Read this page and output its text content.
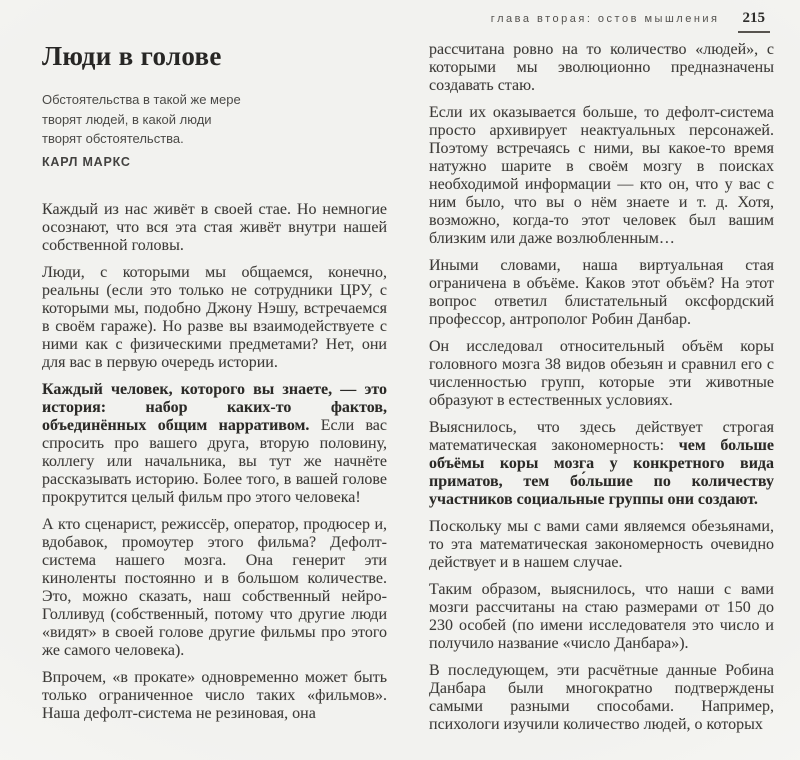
глава вторая: остов мышления	215
Люди в голове
Обстоятельства в такой же мере
творят людей, в какой люди
творят обстоятельства.
КАРЛ МАРКС

Каждый из нас живёт в своей стае. Но немногие осознают, что вся эта стая живёт внутри нашей собственной головы.

Люди, с которыми мы общаемся, конечно, реальны (если это только не сотрудники ЦРУ, с которыми мы, подобно Джону Нэшу, встречаемся в своём гараже). Но разве вы взаимодействуете с ними как с физическими предметами? Нет, они для вас в первую очередь истории.

Каждый человек, которого вы знаете, — это история: набор каких-то фактов, объединённых общим нарративом. Если вас спросить про вашего друга, вторую половину, коллегу или начальника, вы тут же начнёте рассказывать историю. Более того, в вашей голове прокрутится целый фильм про этого человека!

А кто сценарист, режиссёр, оператор, продюсер и, вдобавок, промоутер этого фильма? Дефолт-система нашего мозга. Она генерит эти киноленты постоянно и в большом количестве. Это, можно сказать, наш собственный нейро-Голливуд (собственный, потому что другие люди «видят» в своей голове другие фильмы про этого же самого человека).

Впрочем, «в прокате» одновременно может быть только ограниченное число таких «фильмов». Наша дефолт-система не резиновая, она

рассчитана ровно на то количество «людей», с которыми мы эволюционно предназначены создавать стаю.

Если их оказывается больше, то дефолт-система просто архивирует неактуальных персонажей. Поэтому встречаясь с ними, вы какое-то время натужно шарите в своём мозгу в поисках необходимой информации — кто он, что у вас с ним было, что вы о нём знаете и т. д. Хотя, возможно, когда-то этот человек был вашим близким или даже возлюбленным…

Иными словами, наша виртуальная стая ограничена в объёме. Каков этот объём? На этот вопрос ответил блистательный оксфордский профессор, антрополог Робин Данбар.

Он исследовал относительный объём коры головного мозга 38 видов обезьян и сравнил его с численностью групп, которые эти животные образуют в естественных условиях.

Выяснилось, что здесь действует строгая математическая закономерность: чем больше объёмы коры мозга у конкретного вида приматов, тем бо́льшие по количеству участников социальные группы они создают.

Поскольку мы с вами сами являемся обезьянами, то эта математическая закономерность очевидно действует и в нашем случае.

Таким образом, выяснилось, что наши с вами мозги рассчитаны на стаю размерами от 150 до 230 особей (по имени исследователя это число и получило название «число Данбара»).

В последующем, эти расчётные данные Робина Данбара были многократно подтверждены самыми разными способами. Например, психологи изучили количество людей, о которых
